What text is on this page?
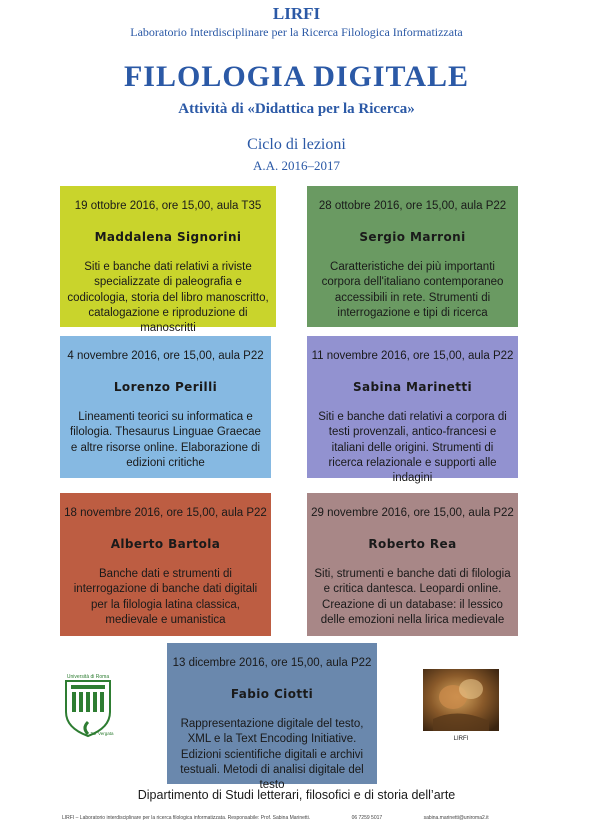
LIRFI
Laboratorio Interdisciplinare per la Ricerca Filologica Informatizzata
FILOLOGIA DIGITALE
Attività di «Didattica per la Ricerca»
Ciclo di lezioni
A.A. 2016–2017
19 ottobre 2016, ore 15,00, aula T35
Maddalena Signorini
Siti e banche dati relativi a riviste specializzate di paleografia e codicologia, storia del libro manoscritto, catalogazione e riproduzione di manoscritti
28 ottobre 2016, ore 15,00, aula P22
Sergio Marroni
Caratteristiche dei più importanti corpora dell'italiano contemporaneo accessibili in rete. Strumenti di interrogazione e tipi di ricerca
4 novembre 2016, ore 15,00, aula P22
Lorenzo Perilli
Lineamenti teorici su informatica e filologia. Thesaurus Linguae Graecae e altre risorse online. Elaborazione di edizioni critiche
11 novembre 2016, ore 15,00, aula P22
Sabina Marinetti
Siti e banche dati relativi a corpora di testi provenzali, antico-francesi e italiani delle origini. Strumenti di ricerca relazionale e supporti alle indagini
18 novembre 2016, ore 15,00, aula P22
Alberto Bartola
Banche dati e strumenti di interrogazione di banche dati digitali per la filologia latina classica, medievale e umanistica
29 novembre 2016, ore 15,00, aula P22
Roberto Rea
Siti, strumenti e banche dati di filologia e critica dantesca. Leopardi online. Creazione di un database: il lessico delle emozioni nella lirica medievale
13 dicembre 2016, ore 15,00, aula P22
Fabio Ciotti
Rappresentazione digitale del testo, XML e la Text Encoding Initiative. Edizioni scientifiche digitali e archivi testuali. Metodi di analisi digitale del testo
Università di Roma
Tor Vergata
LIRFI
Dipartimento di Studi letterari, filosofici e di storia dell’arte
LIRFI – Laboratorio interdisciplinare per la ricerca filologica informatizzata. Responsabile: Prof. Sabina Marinetti.	06 7259 5017	sabina.marinetti@uniroma2.it
